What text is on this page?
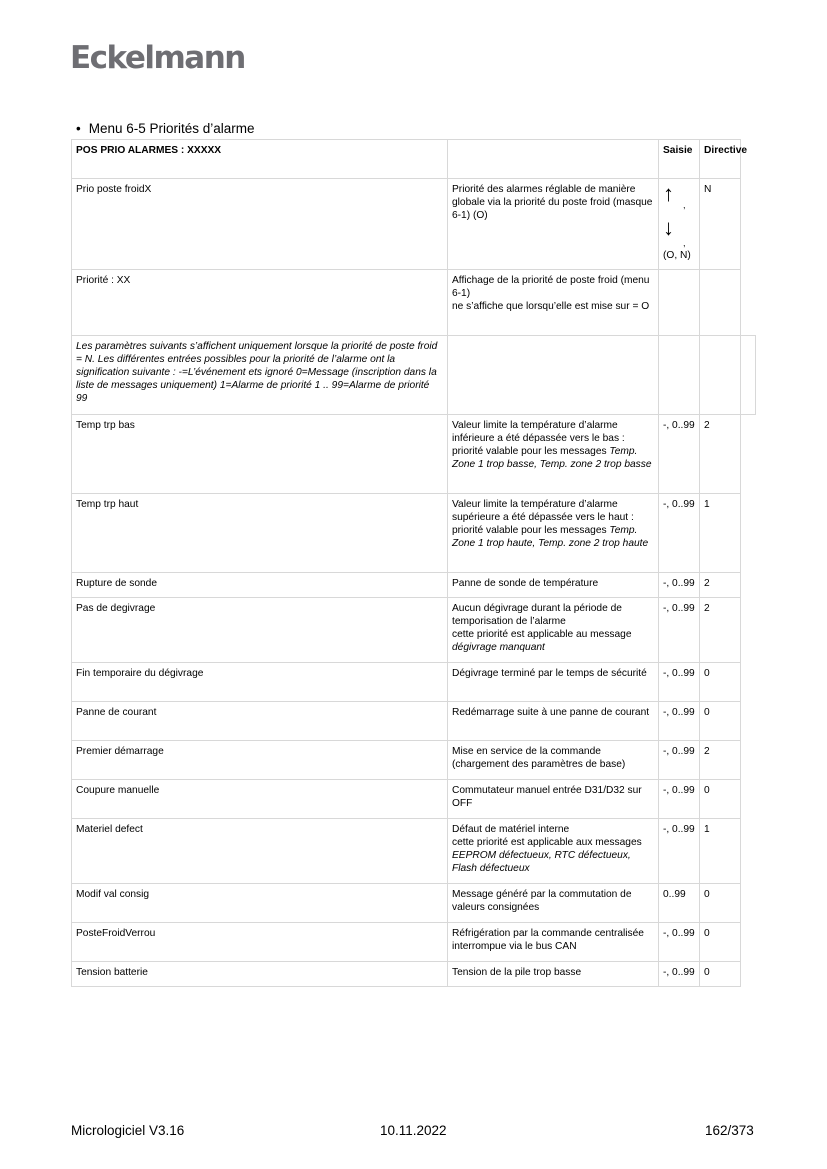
Eckelmann
• Menu 6-5 Priorités d’alarme
POS PRIO ALARMES : XXXXX		Saisie	Directive
Prio poste froidX	Priorité des alarmes réglable de manière globale via la priorité du poste froid (masque 6-1) (O)	↑ ,
↓
,
(O, N)	N
Priorité : XX	Affichage de la priorité de poste froid (menu 6-1)
ne s’affiche que lorsqu’elle est mise sur = O		
Les paramètres suivants s’affichent uniquement lorsque la priorité de poste froid = N. Les différentes entrées possibles pour la priorité de l’alarme ont la signification suivante : -=L’événement ets ignoré 0=Message (inscription dans la liste de messages uniquement) 1=Alarme de priorité 1 .. 99=Alarme de priorité 99			
Temp trp bas	Valeur limite la température d’alarme inférieure a été dépassée vers le bas : priorité valable pour les messages Temp. Zone 1 trop basse, Temp. zone 2 trop basse	-, 0..99	2
Temp trp haut	Valeur limite la température d’alarme supérieure a été dépassée vers le haut : priorité valable pour les messages Temp. Zone 1 trop haute, Temp. zone 2 trop haute	-, 0..99	1
Rupture de sonde	Panne de sonde de température	-, 0..99	2
Pas de degivrage	Aucun dégivrage durant la période de temporisation de l’alarme
cette priorité est applicable au message dégivrage manquant	-, 0..99	2
Fin temporaire du dégivrage	Dégivrage terminé par le temps de sécurité	-, 0..99	0
Panne de courant	Redémarrage suite à une panne de courant	-, 0..99	0
Premier démarrage	Mise en service de la commande (chargement des paramètres de base)	-, 0..99	2
Coupure manuelle	Commutateur manuel entrée D31/D32 sur OFF	-, 0..99	0
Materiel defect	Défaut de matériel interne
cette priorité est applicable aux messages EEPROM défectueux, RTC défectueux, Flash défectueux	-, 0..99	1
Modif val consig	Message généré par la commutation de valeurs consignées	0..99	0
PosteFroidVerrou	Réfrigération par la commande centralisée interrompue via le bus CAN	-, 0..99	0
Tension batterie	Tension de la pile trop basse	-, 0..99	0
Micrologiciel V3.16	10.11.2022	162/373
